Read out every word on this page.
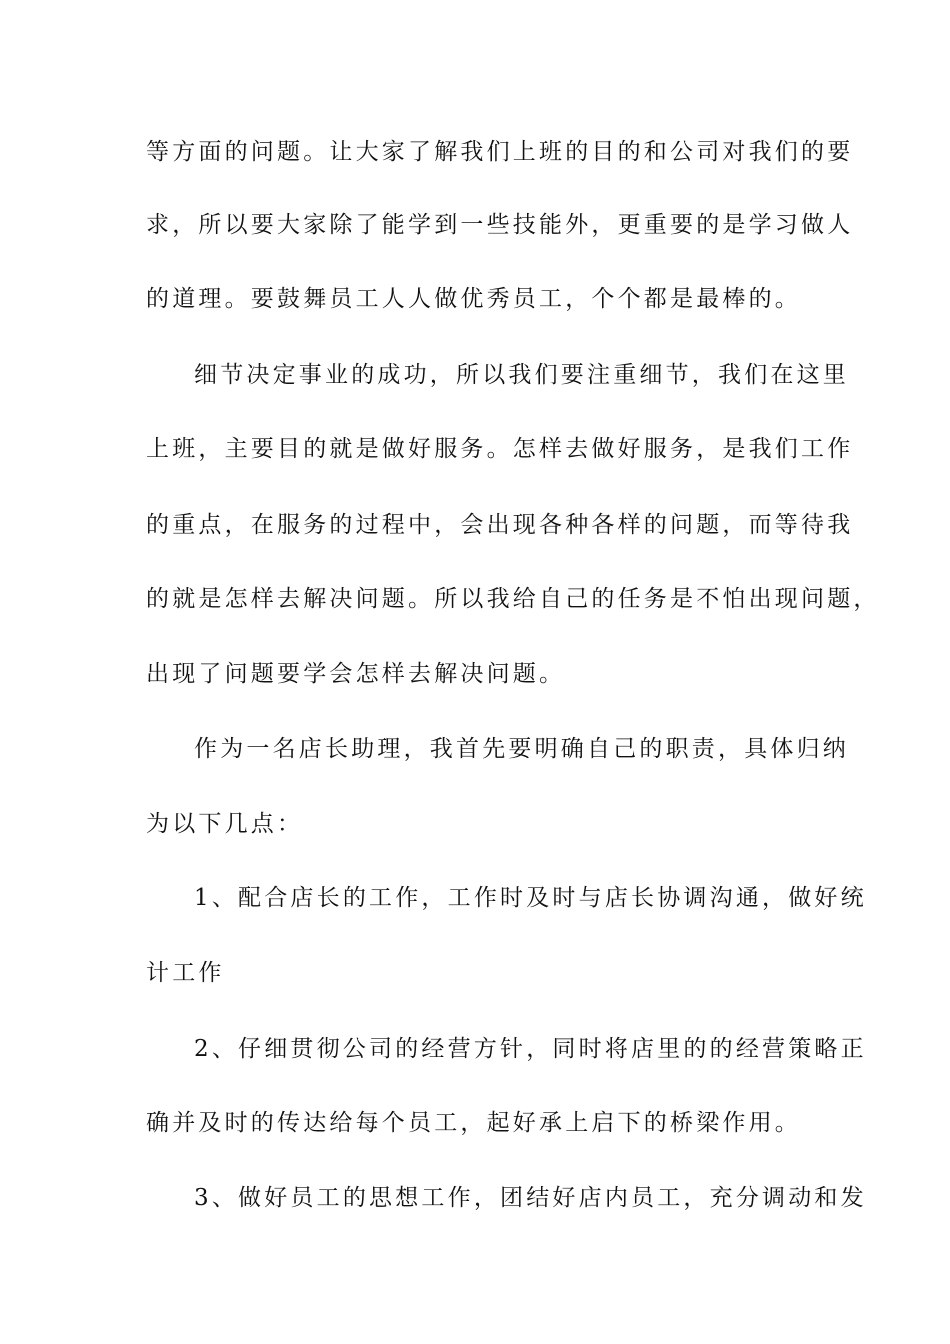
等方面的问题。让大家了解我们上班的目的和公司对我们的要
求，所以要大家除了能学到一些技能外，更重要的是学习做人
的道理。要鼓舞员工人人做优秀员工，个个都是最棒的。
细节决定事业的成功，所以我们要注重细节，我们在这里
上班，主要目的就是做好服务。怎样去做好服务，是我们工作
的重点，在服务的过程中，会出现各种各样的问题，而等待我
的就是怎样去解决问题。所以我给自己的任务是不怕出现问题，
出现了问题要学会怎样去解决问题。
作为一名店长助理，我首先要明确自己的职责，具体归纳
为以下几点：
1、配合店长的工作，工作时及时与店长协调沟通，做好统
计工作
2、仔细贯彻公司的经营方针，同时将店里的的经营策略正
确并及时的传达给每个员工，起好承上启下的桥梁作用。
3、做好员工的思想工作，团结好店内员工，充分调动和发
